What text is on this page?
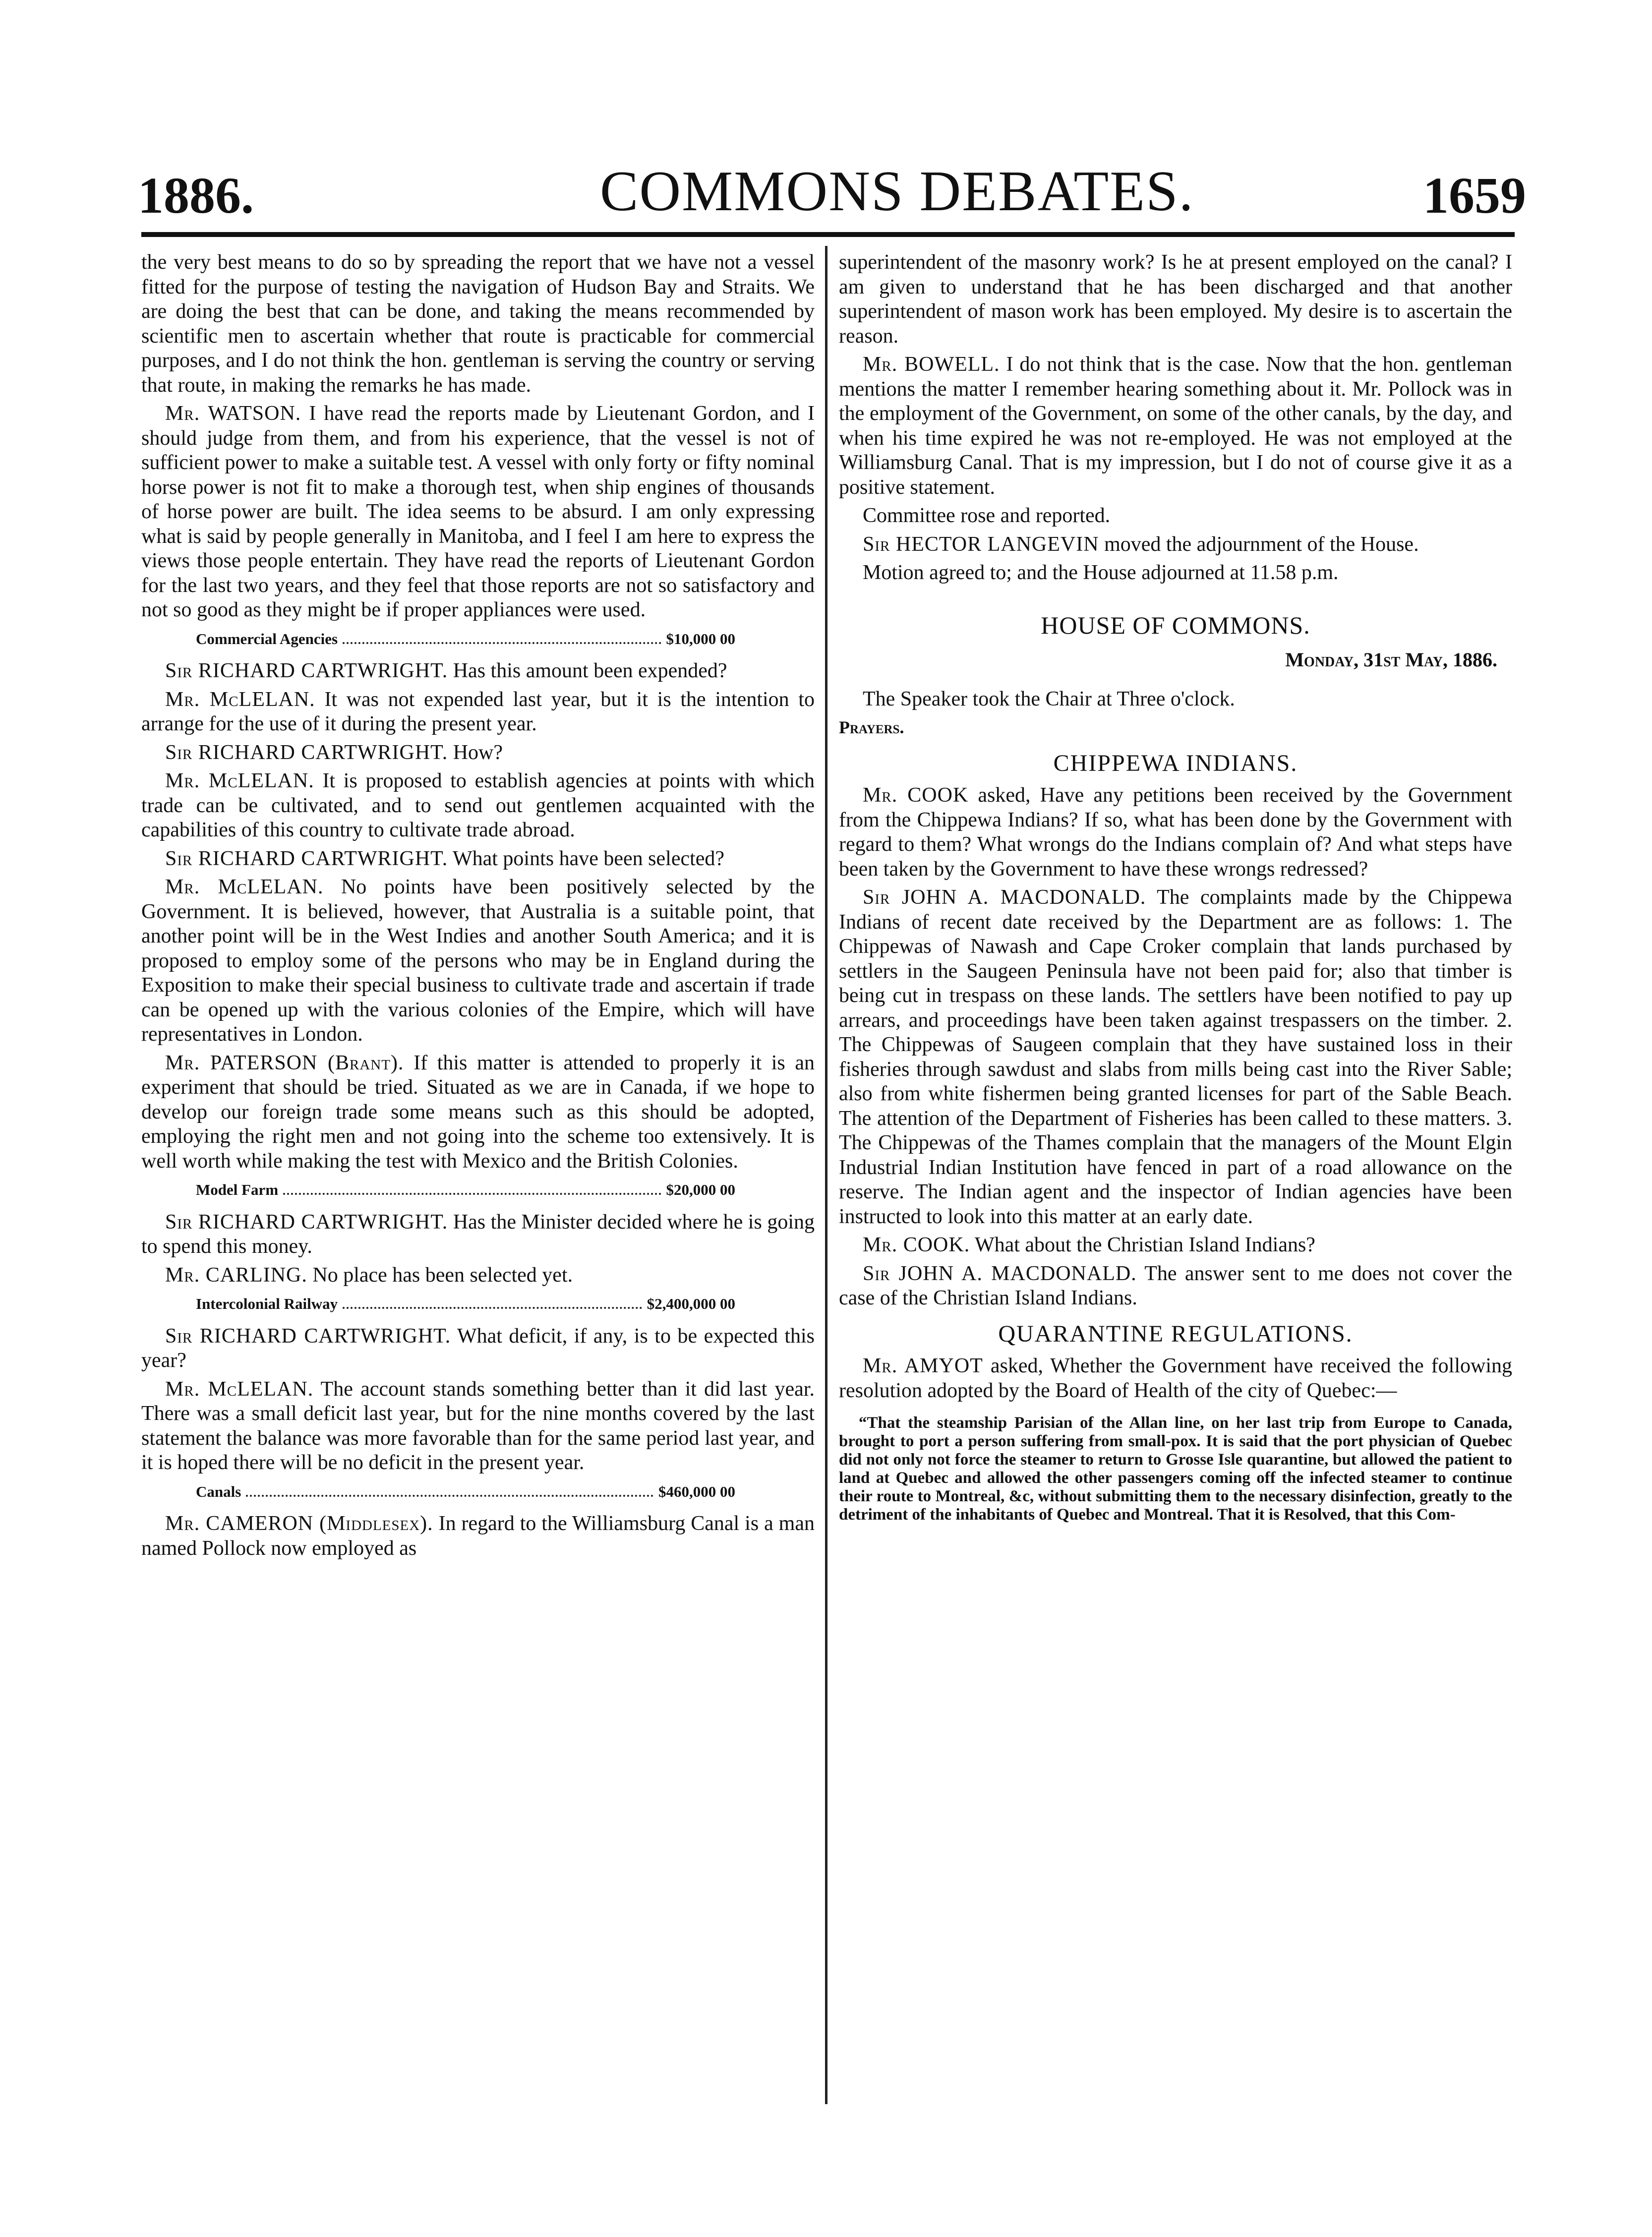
1886.	COMMONS DEBATES.	1659

the very best means to do so by spreading the report that we have not a vessel fitted for the purpose of testing the navigation of Hudson Bay and Straits. We are doing the best that can be done, and taking the means recommended by scientific men to ascertain whether that route is practicable for commercial purposes, and I do not think the hon. gentleman is serving the country or serving that route, in making the remarks he has made.

Mr. WATSON. I have read the reports made by Lieutenant Gordon, and I should judge from them, and from his experience, that the vessel is not of sufficient power to make a suitable test. A vessel with only forty or fifty nominal horse power is not fit to make a thorough test, when ship engines of thousands of horse power are built. The idea seems to be absurd. I am only expressing what is said by people generally in Manitoba, and I feel I am here to express the views those people entertain. They have read the reports of Lieutenant Gordon for the last two years, and they feel that those reports are not so satisfactory and not so good as they might be if proper appliances were used.

Commercial Agencies	$10,000 00

Sir RICHARD CARTWRIGHT. Has this amount been expended?

Mr. McLELAN. It was not expended last year, but it is the intention to arrange for the use of it during the present year.

Sir RICHARD CARTWRIGHT. How?

Mr. McLELAN. It is proposed to establish agencies at points with which trade can be cultivated, and to send out gentlemen acquainted with the capabilities of this country to cultivate trade abroad.

Sir RICHARD CARTWRIGHT. What points have been selected?

Mr. McLELAN. No points have been positively selected by the Government. It is believed, however, that Australia is a suitable point, that another point will be in the West Indies and another South America; and it is proposed to employ some of the persons who may be in England during the Exposition to make their special business to cultivate trade and ascertain if trade can be opened up with the various colonies of the Empire, which will have representatives in London.

Mr. PATERSON (Brant). If this matter is attended to properly it is an experiment that should be tried. Situated as we are in Canada, if we hope to develop our foreign trade some means such as this should be adopted, employing the right men and not going into the scheme too extensively. It is well worth while making the test with Mexico and the British Colonies.

Model Farm	$20,000 00

Sir RICHARD CARTWRIGHT. Has the Minister decided where he is going to spend this money.

Mr. CARLING. No place has been selected yet.

Intercolonial Railway	$2,400,000 00

Sir RICHARD CARTWRIGHT. What deficit, if any, is to be expected this year?

Mr. McLELAN. The account stands something better than it did last year. There was a small deficit last year, but for the nine months covered by the last statement the balance was more favorable than for the same period last year, and it is hoped there will be no deficit in the present year.

Canals	$460,000 00

Mr. CAMERON (Middlesex). In regard to the Williamsburg Canal is a man named Pollock now employed as

superintendent of the masonry work? Is he at present employed on the canal? I am given to understand that he has been discharged and that another superintendent of mason work has been employed. My desire is to ascertain the reason.

Mr. BOWELL. I do not think that is the case. Now that the hon. gentleman mentions the matter I remember hearing something about it. Mr. Pollock was in the employment of the Government, on some of the other canals, by the day, and when his time expired he was not re-employed. He was not employed at the Williamsburg Canal. That is my impression, but I do not of course give it as a positive statement.

Committee rose and reported.

Sir HECTOR LANGEVIN moved the adjournment of the House.

Motion agreed to; and the House adjourned at 11.58 p.m.

HOUSE OF COMMONS.
Monday, 31st May, 1886.

The Speaker took the Chair at Three o'clock.

Prayers.
CHIPPEWA INDIANS.

Mr. COOK asked, Have any petitions been received by the Government from the Chippewa Indians? If so, what has been done by the Government with regard to them? What wrongs do the Indians complain of? And what steps have been taken by the Government to have these wrongs redressed?

Sir JOHN A. MACDONALD. The complaints made by the Chippewa Indians of recent date received by the Department are as follows: 1. The Chippewas of Nawash and Cape Croker complain that lands purchased by settlers in the Saugeen Peninsula have not been paid for; also that timber is being cut in trespass on these lands. The settlers have been notified to pay up arrears, and proceedings have been taken against trespassers on the timber. 2. The Chippewas of Saugeen complain that they have sustained loss in their fisheries through sawdust and slabs from mills being cast into the River Sable; also from white fishermen being granted licenses for part of the Sable Beach. The attention of the Department of Fisheries has been called to these matters. 3. The Chippewas of the Thames complain that the managers of the Mount Elgin Industrial Indian Institution have fenced in part of a road allowance on the reserve. The Indian agent and the inspector of Indian agencies have been instructed to look into this matter at an early date.

Mr. COOK. What about the Christian Island Indians?

Sir JOHN A. MACDONALD. The answer sent to me does not cover the case of the Christian Island Indians.

QUARANTINE REGULATIONS.

Mr. AMYOT asked, Whether the Government have received the following resolution adopted by the Board of Health of the city of Quebec:—

“That the steamship Parisian of the Allan line, on her last trip from Europe to Canada, brought to port a person suffering from small-pox. It is said that the port physician of Quebec did not only not force the steamer to return to Grosse Isle quarantine, but allowed the patient to land at Quebec and allowed the other passengers coming off the infected steamer to continue their route to Montreal, &c, without submitting them to the necessary disinfection, greatly to the detriment of the inhabitants of Quebec and Montreal. That it is Resolved, that this Com-
